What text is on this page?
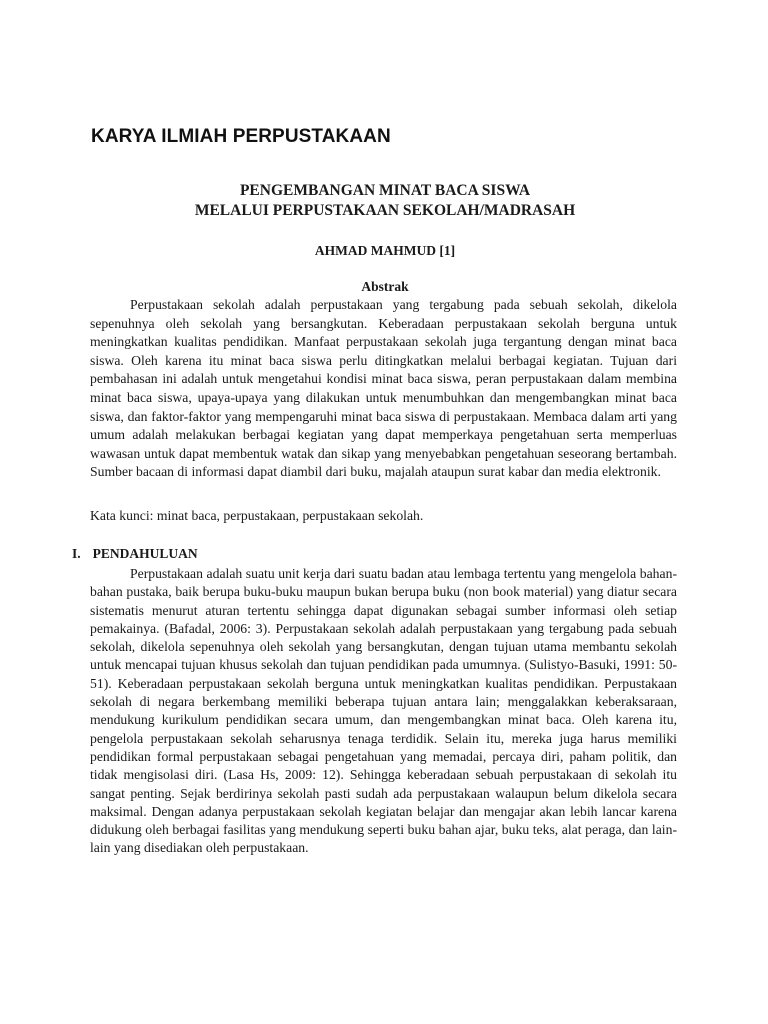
KARYA ILMIAH PERPUSTAKAAN
PENGEMBANGAN MINAT BACA SISWA
MELALUI PERPUSTAKAAN SEKOLAH/MADRASAH

AHMAD MAHMUD [1]

Abstrak

Perpustakaan sekolah adalah perpustakaan yang tergabung pada sebuah sekolah, dikelola sepenuhnya oleh sekolah yang bersangkutan. Keberadaan perpustakaan sekolah berguna untuk meningkatkan kualitas pendidikan. Manfaat perpustakaan sekolah juga tergantung dengan minat baca siswa. Oleh karena itu minat baca siswa perlu ditingkatkan melalui berbagai kegiatan. Tujuan dari pembahasan ini adalah untuk mengetahui kondisi minat baca siswa, peran perpustakaan dalam membina minat baca siswa, upaya-upaya yang dilakukan untuk menumbuhkan dan mengembangkan minat baca siswa, dan faktor-faktor yang mempengaruhi minat baca siswa di perpustakaan. Membaca dalam arti yang umum adalah melakukan berbagai kegiatan yang dapat memperkaya pengetahuan serta memperluas wawasan untuk dapat membentuk watak dan sikap yang menyebabkan pengetahuan seseorang bertambah. Sumber bacaan di informasi dapat diambil dari buku, majalah ataupun surat kabar dan media elektronik.

Kata kunci: minat baca, perpustakaan, perpustakaan sekolah.

I. PENDAHULUAN

Perpustakaan adalah suatu unit kerja dari suatu badan atau lembaga tertentu yang mengelola bahan-bahan pustaka, baik berupa buku-buku maupun bukan berupa buku (non book material) yang diatur secara sistematis menurut aturan tertentu sehingga dapat digunakan sebagai sumber informasi oleh setiap pemakainya. (Bafadal, 2006: 3). Perpustakaan sekolah adalah perpustakaan yang tergabung pada sebuah sekolah, dikelola sepenuhnya oleh sekolah yang bersangkutan, dengan tujuan utama membantu sekolah untuk mencapai tujuan khusus sekolah dan tujuan pendidikan pada umumnya. (Sulistyo-Basuki, 1991: 50-51). Keberadaan perpustakaan sekolah berguna untuk meningkatkan kualitas pendidikan. Perpustakaan sekolah di negara berkembang memiliki beberapa tujuan antara lain; menggalakkan keberaksaraan, mendukung kurikulum pendidikan secara umum, dan mengembangkan minat baca. Oleh karena itu, pengelola perpustakaan sekolah seharusnya tenaga terdidik. Selain itu, mereka juga harus memiliki pendidikan formal perpustakaan sebagai pengetahuan yang memadai, percaya diri, paham politik, dan tidak mengisolasi diri. (Lasa Hs, 2009: 12). Sehingga keberadaan sebuah perpustakaan di sekolah itu sangat penting. Sejak berdirinya sekolah pasti sudah ada perpustakaan walaupun belum dikelola secara maksimal. Dengan adanya perpustakaan sekolah kegiatan belajar dan mengajar akan lebih lancar karena didukung oleh berbagai fasilitas yang mendukung seperti buku bahan ajar, buku teks, alat peraga, dan lain-lain yang disediakan oleh perpustakaan.
